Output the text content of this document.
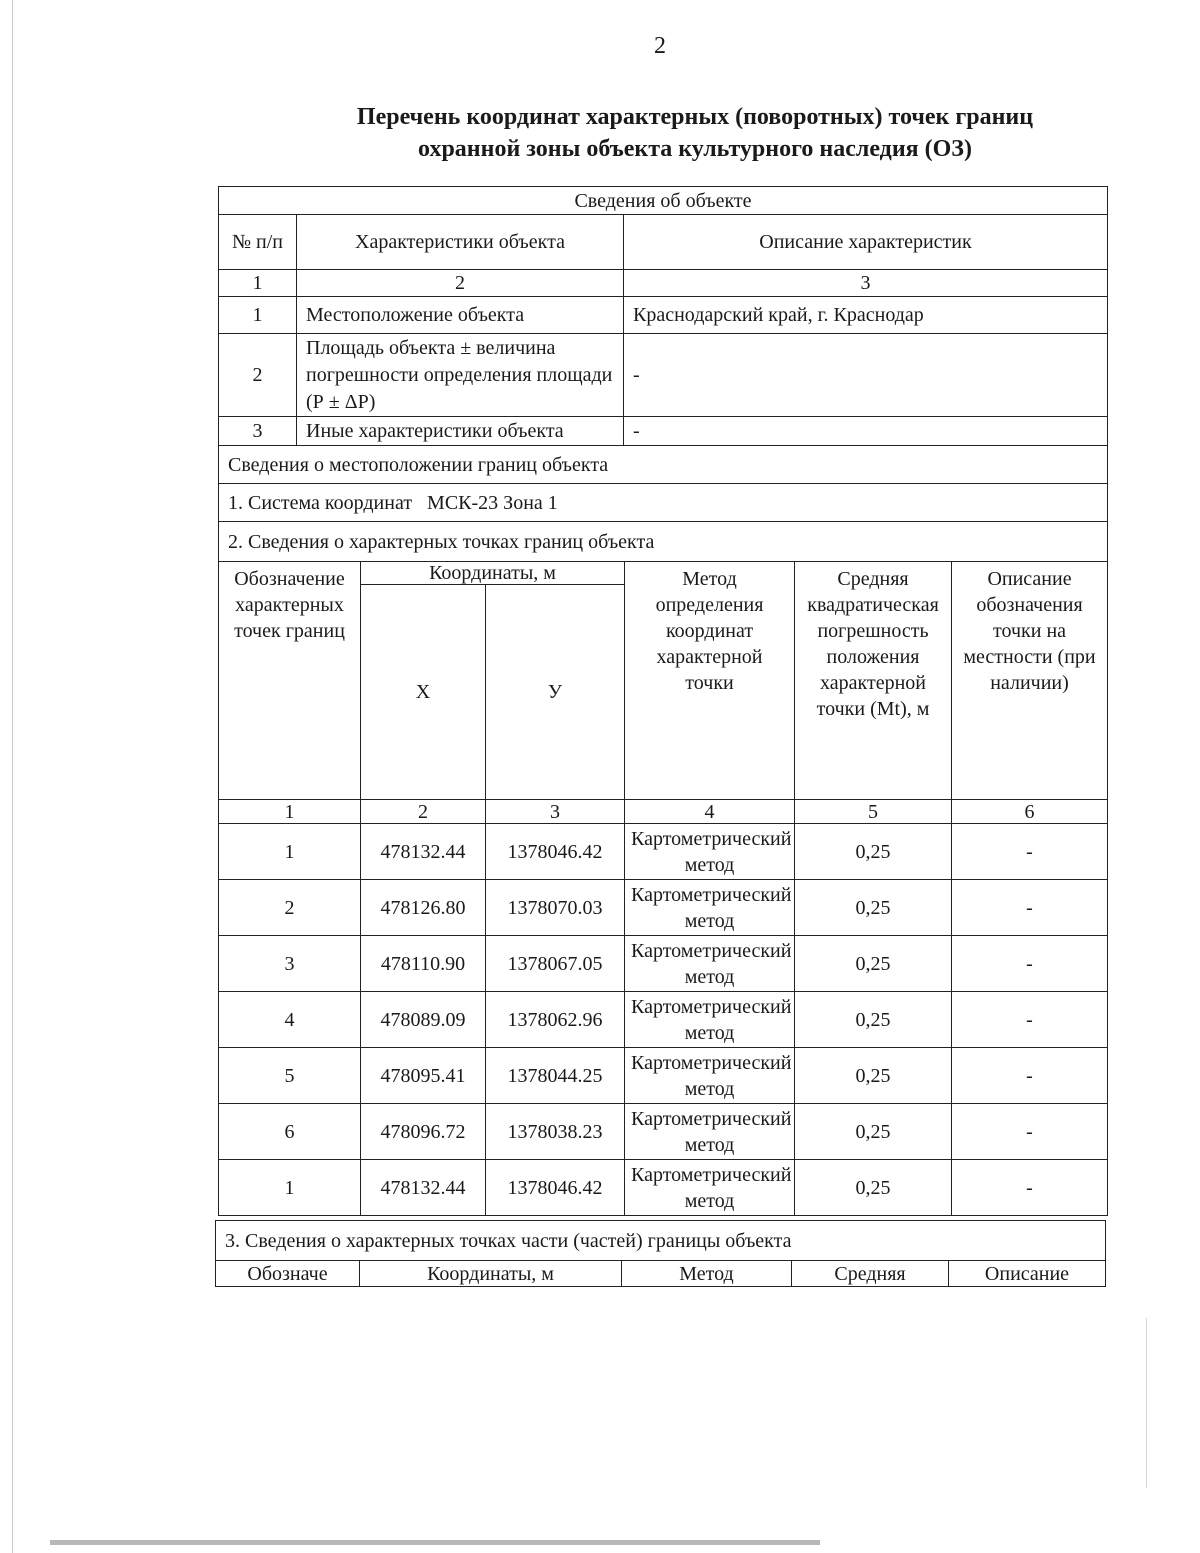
2
Перечень координат характерных (поворотных) точек границ
охранной зоны объекта культурного наследия (ОЗ)
Сведения об объекте		
№ п/п	Характеристики объекта	Описание характеристик
1	2	3
1	Местоположение объекта	Краснодарский край, г. Краснодар
2	Площадь объекта ± величина погрешности определения площади (Р ± ΔР)	-
3	Иные характеристики объекта	-
Сведения о местоположении границ объекта		
1. Система координат   МСК-23 Зона 1		
2. Сведения о характерных точках границ объекта		
Обозначение характерных точек границ	Координаты, м		Метод определения координат характерной точки	Средняя квадратическая погрешность положения характерной точки (Mt), м	Описание обозначения точки на местности (при наличии)
	Х	У			
1	2	3	4	5	6
1	478132.44	1378046.42	Картометрический метод	0,25	-
2	478126.80	1378070.03	Картометрический метод	0,25	-
3	478110.90	1378067.05	Картометрический метод	0,25	-
4	478089.09	1378062.96	Картометрический метод	0,25	-
5	478095.41	1378044.25	Картометрический метод	0,25	-
6	478096.72	1378038.23	Картометрический метод	0,25	-
1	478132.44	1378046.42	Картометрический метод	0,25	-
3. Сведения о характерных точках части (частей) границы объекта
Обозначе	Координаты, м	Метод	Средняя	Описание
